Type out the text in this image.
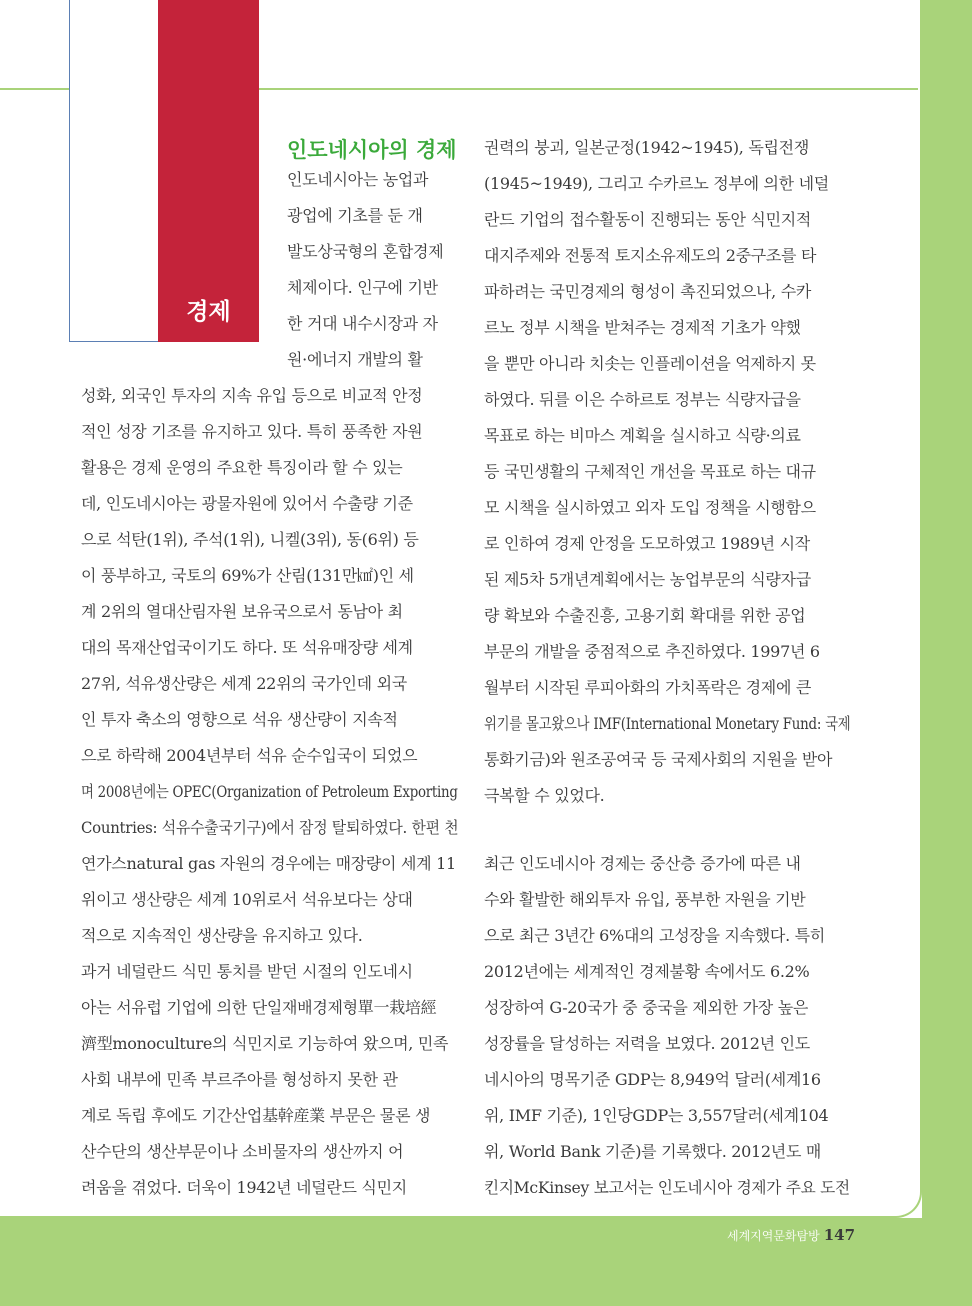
경제
인도네시아의 경제
인도네시아는 농업과
광업에 기초를 둔 개
발도상국형의 혼합경제
체제이다. 인구에 기반
한 거대 내수시장과 자
원·에너지 개발의 활
성화, 외국인 투자의 지속 유입 등으로 비교적 안정
적인 성장 기조를 유지하고 있다. 특히 풍족한 자원
활용은 경제 운영의 주요한 특징이라 할 수 있는
데, 인도네시아는 광물자원에 있어서 수출량 기준
으로 석탄(1위), 주석(1위), 니켈(3위), 동(6위) 등
이 풍부하고, 국토의 69%가 산림(131만㎢)인 세
계 2위의 열대산림자원 보유국으로서 동남아 최
대의 목재산업국이기도 하다. 또 석유매장량 세계
27위, 석유생산량은 세계 22위의 국가인데 외국
인 투자 축소의 영향으로 석유 생산량이 지속적
으로 하락해 2004년부터 석유 순수입국이 되었으
며 2008년에는 OPEC(Organization of Petroleum Exporting
Countries: 석유수출국기구)에서 잠정 탈퇴하였다. 한편 천
연가스natural gas 자원의 경우에는 매장량이 세계 11
위이고 생산량은 세계 10위로서 석유보다는 상대
적으로 지속적인 생산량을 유지하고 있다.
과거 네덜란드 식민 통치를 받던 시절의 인도네시
아는 서유럽 기업에 의한 단일재배경제형單一栽培經
濟型monoculture의 식민지로 기능하여 왔으며, 민족
사회 내부에 민족 부르주아를 형성하지 못한 관
계로 독립 후에도 기간산업基幹産業 부문은 물론 생
산수단의 생산부문이나 소비물자의 생산까지 어
려움을 겪었다. 더욱이 1942년 네덜란드 식민지
권력의 붕괴, 일본군정(1942~1945), 독립전쟁
(1945~1949), 그리고 수카르노 정부에 의한 네덜
란드 기업의 접수활동이 진행되는 동안 식민지적
대지주제와 전통적 토지소유제도의 2중구조를 타
파하려는 국민경제의 형성이 촉진되었으나, 수카
르노 정부 시책을 받쳐주는 경제적 기초가 약했
을 뿐만 아니라 치솟는 인플레이션을 억제하지 못
하였다. 뒤를 이은 수하르토 정부는 식량자급을
목표로 하는 비마스 계획을 실시하고 식량·의료
등 국민생활의 구체적인 개선을 목표로 하는 대규
모 시책을 실시하였고 외자 도입 정책을 시행함으
로 인하여 경제 안정을 도모하였고 1989년 시작
된 제5차 5개년계획에서는 농업부문의 식량자급
량 확보와 수출진흥, 고용기회 확대를 위한 공업
부문의 개발을 중점적으로 추진하였다. 1997년 6
월부터 시작된 루피아화의 가치폭락은 경제에 큰
위기를 몰고왔으나 IMF(International Monetary Fund: 국제
통화기금)와 원조공여국 등 국제사회의 지원을 받아
극복할 수 있었다.
최근 인도네시아 경제는 중산층 증가에 따른 내
수와 활발한 해외투자 유입, 풍부한 자원을 기반
으로 최근 3년간 6%대의 고성장을 지속했다. 특히
2012년에는 세계적인 경제불황 속에서도 6.2%
성장하여 G-20국가 중 중국을 제외한 가장 높은
성장률을 달성하는 저력을 보였다. 2012년 인도
네시아의 명목기준 GDP는 8,949억 달러(세계16
위, IMF 기준), 1인당GDP는 3,557달러(세계104
위, World Bank 기준)를 기록했다. 2012년도 매
킨지McKinsey 보고서는 인도네시아 경제가 주요 도전
세계지역문화탐방 147
